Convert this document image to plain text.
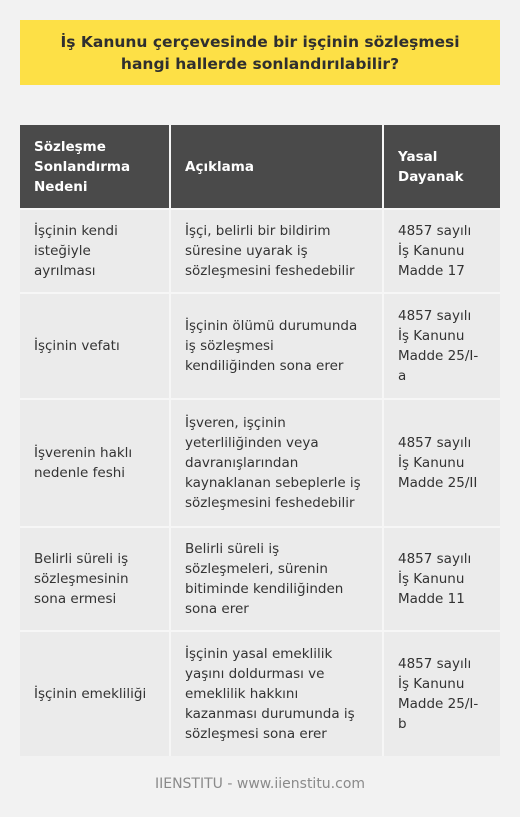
İş Kanunu çerçevesinde bir işçinin sözleşmesi hangi hallerde sonlandırılabilir?
Sözleşme Sonlandırma Nedeni	Açıklama	Yasal Dayanak
İşçinin kendi isteğiyle ayrılması	İşçi, belirli bir bildirim süresine uyarak iş sözleşmesini feshedebilir	4857 sayılı İş Kanunu Madde 17
İşçinin vefatı	İşçinin ölümü durumunda iş sözleşmesi kendiliğinden sona erer	4857 sayılı İş Kanunu Madde 25/I-a
İşverenin haklı nedenle feshi	İşveren, işçinin yeterliliğinden veya davranışlarından kaynaklanan sebeplerle iş sözleşmesini feshedebilir	4857 sayılı İş Kanunu Madde 25/II
Belirli süreli iş sözleşmesinin sona ermesi	Belirli süreli iş sözleşmeleri, sürenin bitiminde kendiliğinden sona erer	4857 sayılı İş Kanunu Madde 11
İşçinin emekliliği	İşçinin yasal emeklilik yaşını doldurması ve emeklilik hakkını kazanması durumunda iş sözleşmesi sona erer	4857 sayılı İş Kanunu Madde 25/I-b
IIENSTITU - www.iienstitu.com
